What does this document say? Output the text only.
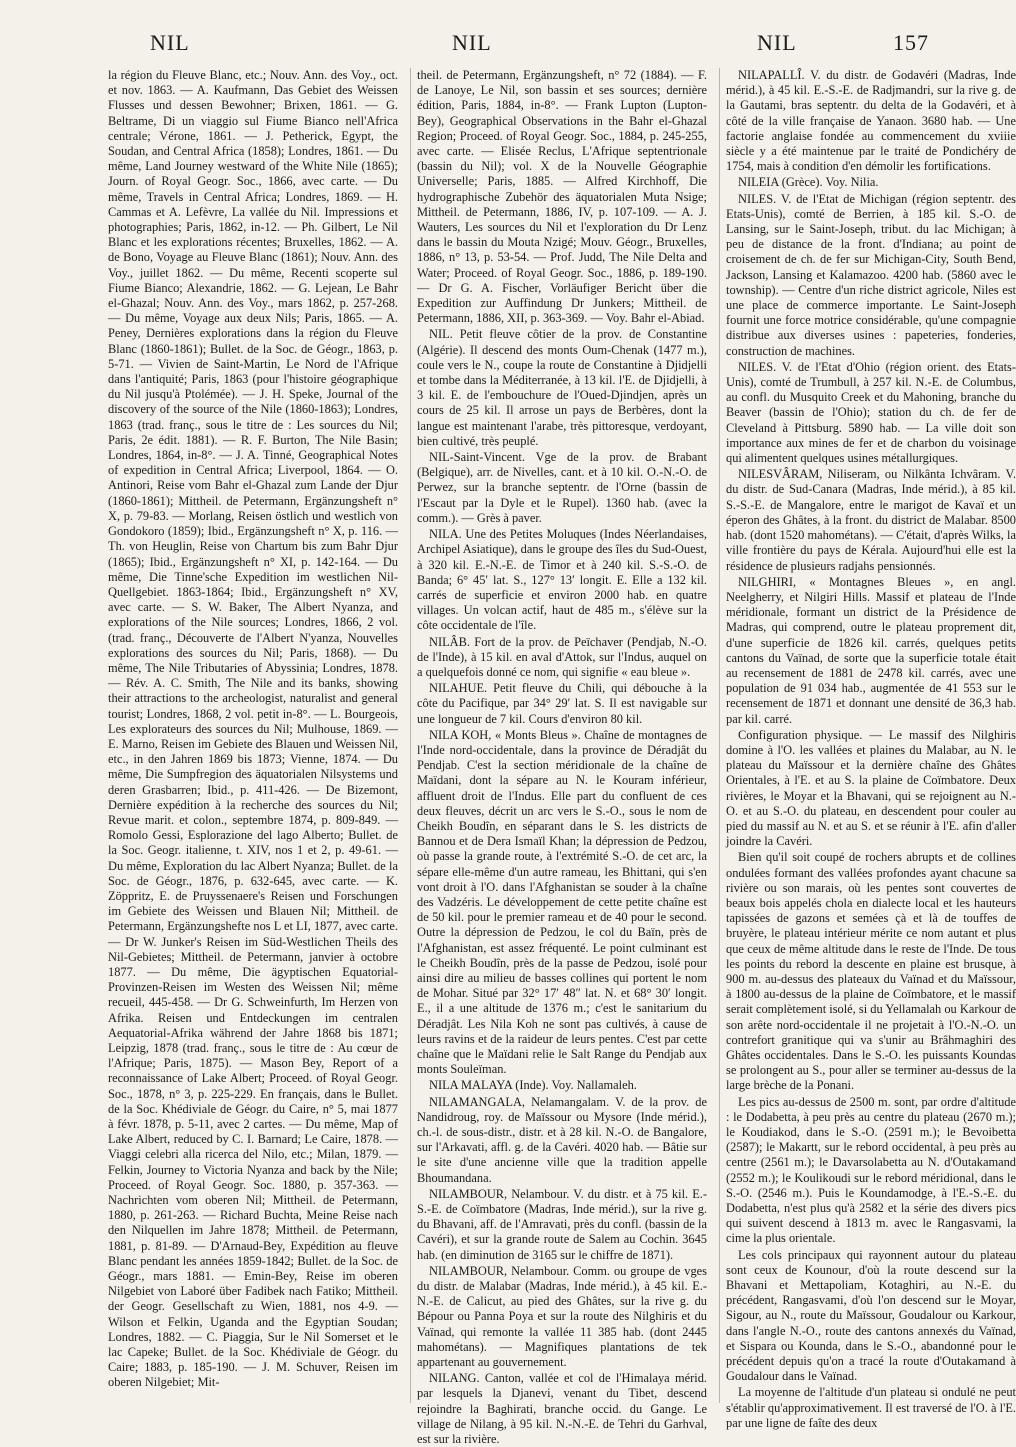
NIL	NIL	NIL	157

la région du Fleuve Blanc, etc.; Nouv. Ann. des Voy., oct. et nov. 1863. — A. Kaufmann, Das Gebiet des Weissen Flusses und dessen Bewohner; Brixen, 1861. — G. Beltrame, Di un viaggio sul Fiume Bianco nell'Africa centrale; Vérone, 1861. — J. Petherick, Egypt, the Soudan, and Central Africa (1858); Londres, 1861. — Du même, Land Journey westward of the White Nile (1865); Journ. of Royal Geogr. Soc., 1866, avec carte. — Du même, Travels in Central Africa; Londres, 1869. — H. Cammas et A. Lefèvre, La vallée du Nil. Impressions et photographies; Paris, 1862, in-12. — Ph. Gilbert, Le Nil Blanc et les explorations récentes; Bruxelles, 1862. — A. de Bono, Voyage au Fleuve Blanc (1861); Nouv. Ann. des Voy., juillet 1862. — Du même, Recenti scoperte sul Fiume Bianco; Alexandrie, 1862. — G. Lejean, Le Bahr el-Ghazal; Nouv. Ann. des Voy., mars 1862, p. 257-268. — Du même, Voyage aux deux Nils; Paris, 1865. — A. Peney, Dernières explorations dans la région du Fleuve Blanc (1860-1861); Bullet. de la Soc. de Géogr., 1863, p. 5-71. — Vivien de Saint-Martin, Le Nord de l'Afrique dans l'antiquité; Paris, 1863 (pour l'histoire géographique du Nil jusqu'à Ptolémée). — J. H. Speke, Journal of the discovery of the source of the Nile (1860-1863); Londres, 1863 (trad. franç., sous le titre de : Les sources du Nil; Paris, 2e édit. 1881). — R. F. Burton, The Nile Basin; Londres, 1864, in-8°. — J. A. Tinné, Geographical Notes of expedition in Central Africa; Liverpool, 1864. — O. Antinori, Reise vom Bahr el-Ghazal zum Lande der Djur (1860-1861); Mittheil. de Petermann, Ergänzungsheft n° X, p. 79-83. — Morlang, Reisen östlich und westlich von Gondokoro (1859); Ibid., Ergänzungsheft n° X, p. 116. — Th. von Heuglin, Reise von Chartum bis zum Bahr Djur (1865); Ibid., Ergänzungsheft n° XI, p. 142-164. — Du même, Die Tinne'sche Expedition im westlichen Nil-Quellgebiet. 1863-1864; Ibid., Ergänzungsheft n° XV, avec carte. — S. W. Baker, The Albert Nyanza, and explorations of the Nile sources; Londres, 1866, 2 vol. (trad. franç., Découverte de l'Albert N'yanza, Nouvelles explorations des sources du Nil; Paris, 1868). — Du même, The Nile Tributaries of Abyssinia; Londres, 1878. — Rév. A. C. Smith, The Nile and its banks, showing their attractions to the archeologist, naturalist and general tourist; Londres, 1868, 2 vol. petit in-8°. — L. Bourgeois, Les explorateurs des sources du Nil; Mulhouse, 1869. — E. Marno, Reisen im Gebiete des Blauen und Weissen Nil, etc., in den Jahren 1869 bis 1873; Vienne, 1874. — Du même, Die Sumpfregion des äquatorialen Nilsystems und deren Grasbarren; Ibid., p. 411-426. — De Bizemont, Dernière expédition à la recherche des sources du Nil; Revue marit. et colon., septembre 1874, p. 809-849. — Romolo Gessi, Esplorazione del lago Alberto; Bullet. de la Soc. Geogr. italienne, t. XIV, nos 1 et 2, p. 49-61. — Du même, Exploration du lac Albert Nyanza; Bullet. de la Soc. de Géogr., 1876, p. 632-645, avec carte. — K. Zöppritz, E. de Pruyssenaere's Reisen und Forschungen im Gebiete des Weissen und Blauen Nil; Mittheil. de Petermann, Ergänzungshefte nos L et LI, 1877, avec carte. — Dr W. Junker's Reisen im Süd-Westlichen Theils des Nil-Gebietes; Mittheil. de Petermann, janvier à octobre 1877. — Du même, Die ägyptischen Equatorial-Provinzen-Reisen im Westen des Weissen Nil; même recueil, 445-458. — Dr G. Schweinfurth, Im Herzen von Afrika. Reisen und Entdeckungen im centralen Aequatorial-Afrika während der Jahre 1868 bis 1871; Leipzig, 1878 (trad. franç., sous le titre de : Au cœur de l'Afrique; Paris, 1875). — Mason Bey, Report of a reconnaissance of Lake Albert; Proceed. of Royal Geogr. Soc., 1878, n° 3, p. 225-229. En français, dans le Bullet. de la Soc. Khédiviale de Géogr. du Caire, n° 5, mai 1877 à févr. 1878, p. 5-11, avec 2 cartes. — Du même, Map of Lake Albert, reduced by C. I. Barnard; Le Caire, 1878. — Viaggi celebri alla ricerca del Nilo, etc.; Milan, 1879. — Felkin, Journey to Victoria Nyanza and back by the Nile; Proceed. of Royal Geogr. Soc. 1880, p. 357-363. — Nachrichten vom oberen Nil; Mittheil. de Petermann, 1880, p. 261-263. — Richard Buchta, Meine Reise nach den Nilquellen im Jahre 1878; Mittheil. de Petermann, 1881, p. 81-89. — D'Arnaud-Bey, Expédition au fleuve Blanc pendant les années 1859-1842; Bullet. de la Soc. de Géogr., mars 1881. — Emin-Bey, Reise im oberen Nilgebiet von Laboré über Fadibek nach Fatiko; Mittheil. der Geogr. Gesellschaft zu Wien, 1881, nos 4-9. — Wilson et Felkin, Uganda and the Egyptian Soudan; Londres, 1882. — C. Piaggia, Sur le Nil Somerset et le lac Capeke; Bullet. de la Soc. Khédiviale de Géogr. du Caire; 1883, p. 185-190. — J. M. Schuver, Reisen im oberen Nilgebiet; Mit-

theil. de Petermann, Ergänzungsheft, n° 72 (1884). — F. de Lanoye, Le Nil, son bassin et ses sources; dernière édition, Paris, 1884, in-8°. — Frank Lupton (Lupton-Bey), Geographical Observations in the Bahr el-Ghazal Region; Proceed. of Royal Geogr. Soc., 1884, p. 245-255, avec carte. — Elisée Reclus, L'Afrique septentrionale (bassin du Nil); vol. X de la Nouvelle Géographie Universelle; Paris, 1885. — Alfred Kirchhoff, Die hydrographische Zubehör des äquatorialen Muta Nsige; Mittheil. de Petermann, 1886, IV, p. 107-109. — A. J. Wauters, Les sources du Nil et l'exploration du Dr Lenz dans le bassin du Mouta Nzigé; Mouv. Géogr., Bruxelles, 1886, n° 13, p. 53-54. — Prof. Judd, The Nile Delta and Water; Proceed. of Royal Geogr. Soc., 1886, p. 189-190. — Dr G. A. Fischer, Vorläufiger Bericht über die Expedition zur Auffindung Dr Junkers; Mittheil. de Petermann, 1886, XII, p. 363-369. — Voy. Bahr el-Abiad.

NIL. Petit fleuve côtier de la prov. de Constantine (Algérie). Il descend des monts Oum-Chenak (1477 m.), coule vers le N., coupe la route de Constantine à Djidjelli et tombe dans la Méditerranée, à 13 kil. l'E. de Djidjelli, à 3 kil. E. de l'embouchure de l'Oued-Djindjen, après un cours de 25 kil. Il arrose un pays de Berbères, dont la langue est maintenant l'arabe, très pittoresque, verdoyant, bien cultivé, très peuplé.

NIL-Saint-Vincent. Vge de la prov. de Brabant (Belgique), arr. de Nivelles, cant. et à 10 kil. O.-N.-O. de Perwez, sur la branche septentr. de l'Orne (bassin de l'Escaut par la Dyle et le Rupel). 1360 hab. (avec la comm.). — Grès à paver.

NILA. Une des Petites Moluques (Indes Néerlandaises, Archipel Asiatique), dans le groupe des îles du Sud-Ouest, à 320 kil. E.-N.-E. de Timor et à 240 kil. S.-S.-O. de Banda; 6° 45′ lat. S., 127° 13′ longit. E. Elle a 132 kil. carrés de superficie et environ 2000 hab. en quatre villages. Un volcan actif, haut de 485 m., s'élève sur la côte occidentale de l'île.

NILÂB. Fort de la prov. de Peïchaver (Pendjab, N.-O. de l'Inde), à 15 kil. en aval d'Attok, sur l'Indus, auquel on a quelquefois donné ce nom, qui signifie « eau bleue ».

NILAHUE. Petit fleuve du Chili, qui débouche à la côte du Pacifique, par 34° 29′ lat. S. Il est navigable sur une longueur de 7 kil. Cours d'environ 80 kil.

NILA KOH, « Monts Bleus ». Chaîne de montagnes de l'Inde nord-occidentale, dans la province de Déradjât du Pendjab. C'est la section méridionale de la chaîne de Maïdani, dont la sépare au N. le Kouram inférieur, affluent droit de l'Indus. Elle part du confluent de ces deux fleuves, décrit un arc vers le S.-O., sous le nom de Cheikh Boudîn, en séparant dans le S. les districts de Bannou et de Dera Ismaïl Khan; la dépression de Pedzou, où passe la grande route, à l'extrémité S.-O. de cet arc, la sépare elle-même d'un autre rameau, les Bhittani, qui s'en vont droit à l'O. dans l'Afghanistan se souder à la chaîne des Vadzéris. Le développement de cette petite chaîne est de 50 kil. pour le premier rameau et de 40 pour le second. Outre la dépression de Pedzou, le col du Baïn, près de l'Afghanistan, est assez fréquenté. Le point culminant est le Cheikh Boudîn, près de la passe de Pedzou, isolé pour ainsi dire au milieu de basses collines qui portent le nom de Mohar. Situé par 32° 17′ 48″ lat. N. et 68° 30′ longit. E., il a une altitude de 1376 m.; c'est le sanitarium du Déradjât. Les Nila Koh ne sont pas cultivés, à cause de leurs ravins et de la raideur de leurs pentes. C'est par cette chaîne que le Maïdani relie le Salt Range du Pendjab aux monts Souleïman.

NILA MALAYA (Inde). Voy. Nallamaleh.

NILAMANGALA, Nelamangalam. V. de la prov. de Nandidroug, roy. de Maïssour ou Mysore (Inde mérid.), ch.-l. de sous-distr., distr. et à 28 kil. N.-O. de Bangalore, sur l'Arkavati, affl. g. de la Cavéri. 4020 hab. — Bâtie sur le site d'une ancienne ville que la tradition appelle Bhoumandana.

NILAMBOUR, Nelambour. V. du distr. et à 75 kil. E.-S.-E. de Coïmbatore (Madras, Inde mérid.), sur la rive g. du Bhavani, aff. de l'Amravati, près du confl. (bassin de la Cavéri), et sur la grande route de Salem au Cochin. 3645 hab. (en diminution de 3165 sur le chiffre de 1871).

NILAMBOUR, Nelambour. Comm. ou groupe de vges du distr. de Malabar (Madras, Inde mérid.), à 45 kil. E.-N.-E. de Calicut, au pied des Ghâtes, sur la rive g. du Bépour ou Panna Poya et sur la route des Nilghiris et du Vaïnad, qui remonte la vallée 11 385 hab. (dont 2445 mahométans). — Magnifiques plantations de tek appartenant au gouvernement.

NILANG. Canton, vallée et col de l'Himalaya mérid. par lesquels la Djanevi, venant du Tibet, descend rejoindre la Baghirati, branche occid. du Gange. Le village de Nilang, à 95 kil. N.-N.-E. de Tehri du Garhval, est sur la rivière.

NILAPALLÎ. V. du distr. de Godavéri (Madras, Inde mérid.), à 45 kil. E.-S.-E. de Radjmandri, sur la rive g. de la Gautami, bras septentr. du delta de la Godavéri, et à côté de la ville française de Yanaon. 3680 hab. — Une factorie anglaise fondée au commencement du xviiie siècle y a été maintenue par le traité de Pondichéry de 1754, mais à condition d'en démolir les fortifications.

NILEIA (Grèce). Voy. Nilia.

NILES. V. de l'Etat de Michigan (région septentr. des Etats-Unis), comté de Berrien, à 185 kil. S.-O. de Lansing, sur le Saint-Joseph, tribut. du lac Michigan; à peu de distance de la front. d'Indiana; au point de croisement de ch. de fer sur Michigan-City, South Bend, Jackson, Lansing et Kalamazoo. 4200 hab. (5860 avec le township). — Centre d'un riche district agricole, Niles est une place de commerce importante. Le Saint-Joseph fournit une force motrice considérable, qu'une compagnie distribue aux diverses usines : papeteries, fonderies, construction de machines.

NILES. V. de l'Etat d'Ohio (région orient. des Etats-Unis), comté de Trumbull, à 257 kil. N.-E. de Columbus, au confl. du Musquito Creek et du Mahoning, branche du Beaver (bassin de l'Ohio); station du ch. de fer de Cleveland à Pittsburg. 5890 hab. — La ville doit son importance aux mines de fer et de charbon du voisinage qui alimentent quelques usines métallurgiques.

NILESVÂRAM, Niliseram, ou Nilkânta Ichvâram. V. du distr. de Sud-Canara (Madras, Inde mérid.), à 85 kil. S.-S.-E. de Mangalore, entre le marigot de Kavaï et un éperon des Ghâtes, à la front. du district de Malabar. 8500 hab. (dont 1520 mahométans). — C'était, d'après Wilks, la ville frontière du pays de Kérala. Aujourd'hui elle est la résidence de plusieurs radjahs pensionnés.

NILGHIRI, « Montagnes Bleues », en angl. Neelgherry, et Nilgiri Hills. Massif et plateau de l'Inde méridionale, formant un district de la Présidence de Madras, qui comprend, outre le plateau proprement dit, d'une superficie de 1826 kil. carrés, quelques petits cantons du Vaïnad, de sorte que la superficie totale était au recensement de 1881 de 2478 kil. carrés, avec une population de 91 034 hab., augmentée de 41 553 sur le recensement de 1871 et donnant une densité de 36,3 hab. par kil. carré.

Configuration physique. — Le massif des Nilghiris domine à l'O. les vallées et plaines du Malabar, au N. le plateau du Maïssour et la dernière chaîne des Ghâtes Orientales, à l'E. et au S. la plaine de Coïmbatore. Deux rivières, le Moyar et la Bhavani, qui se rejoignent au N.-O. et au S.-O. du plateau, en descendent pour couler au pied du massif au N. et au S. et se réunir à l'E. afin d'aller joindre la Cavéri.

Bien qu'il soit coupé de rochers abrupts et de collines ondulées formant des vallées profondes ayant chacune sa rivière ou son marais, où les pentes sont couvertes de beaux bois appelés chola en dialecte local et les hauteurs tapissées de gazons et semées çà et là de touffes de bruyère, le plateau intérieur mérite ce nom autant et plus que ceux de même altitude dans le reste de l'Inde. De tous les points du rebord la descente en plaine est brusque, à 900 m. au-dessus des plateaux du Vaïnad et du Maïssour, à 1800 au-dessus de la plaine de Coïmbatore, et le massif serait complètement isolé, si du Yellamalah ou Karkour de son arête nord-occidentale il ne projetait à l'O.-N.-O. un contrefort granitique qui va s'unir au Brâhmaghiri des Ghâtes occidentales. Dans le S.-O. les puissants Koundas se prolongent au S., pour aller se terminer au-dessus de la large brèche de la Ponani.

Les pics au-dessus de 2500 m. sont, par ordre d'altitude : le Dodabetta, à peu près au centre du plateau (2670 m.); le Koudiakod, dans le S.-O. (2591 m.); le Bevoibetta (2587); le Makartt, sur le rebord occidental, à peu près au centre (2561 m.); le Davarsolabetta au N. d'Outakamand (2552 m.); le Koulikoudi sur le rebord méridional, dans le S.-O. (2546 m.). Puis le Koundamodge, à l'E.-S.-E. du Dodabetta, n'est plus qu'à 2582 et la série des divers pics qui suivent descend à 1813 m. avec le Rangasvami, la cime la plus orientale.

Les cols principaux qui rayonnent autour du plateau sont ceux de Kounour, d'où la route descend sur la Bhavani et Mettapoliam, Kotaghiri, au N.-E. du précédent, Rangasvami, d'où l'on descend sur le Moyar, Sigour, au N., route du Maïssour, Goudalour ou Karkour, dans l'angle N.-O., route des cantons annexés du Vaïnad, et Sispara ou Kounda, dans le S.-O., abandonné pour le précédent depuis qu'on a tracé la route d'Outakamand à Goudalour dans le Vaïnad.

La moyenne de l'altitude d'un plateau si ondulé ne peut s'établir qu'approximativement. Il est traversé de l'O. à l'E. par une ligne de faîte des deux
